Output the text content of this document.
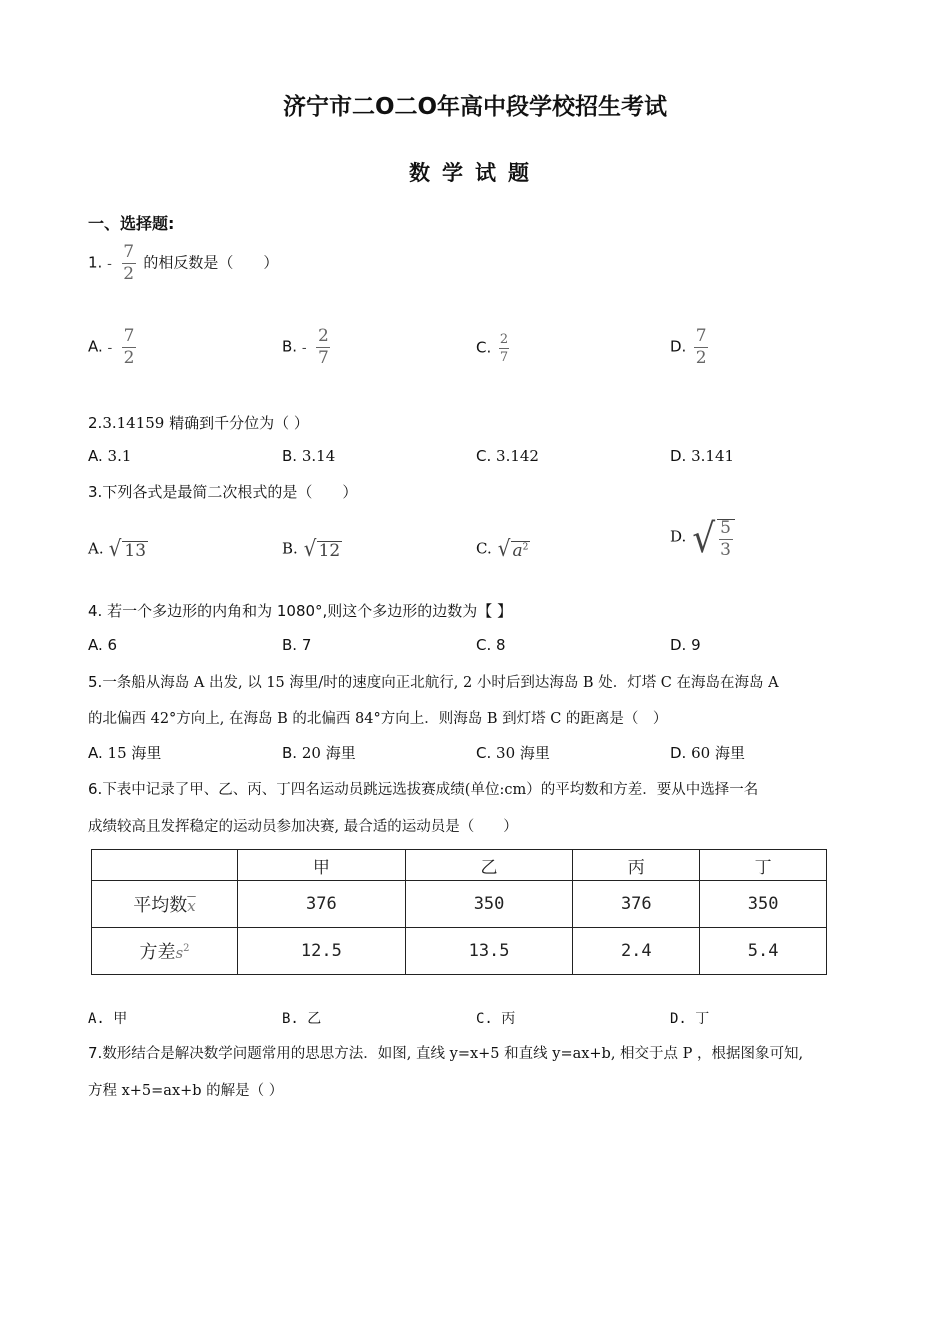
济宁市二O二O年高中段学校招生考试
数学试题
一、选择题:
1. - $\frac{7}{2}$ 的相反数是（　　）
A. - $\frac{7}{2}$	B. - $\frac{2}{7}$	C. $\frac{2}{7}$	D. $\frac{7}{2}$
2.3.14159 精确到千分位为（ ）
A. 3.1	B. 3.14	C. 3.142	D. 3.141
3.下列各式是最简二次根式的是（　　）
A. √ 13	B. √ 12	C. √ $a^2$
D. √ $\frac{5}{3}$
4. 若一个多边形的内角和为 1080°,则这个多边形的边数为【 】
A. 6	B. 7	C. 8	D. 9
5.一条船从海岛 A 出发, 以 15 海里/时的速度向正北航行, 2 小时后到达海岛 B 处．灯塔 C 在海岛在海岛 A
的北偏西 42°方向上, 在海岛 B 的北偏西 84°方向上．则海岛 B 到灯塔 C 的距离是（　）
A. 15 海里	B. 20 海里	C. 30 海里	D. 60 海里
6.下表中记录了甲、乙、丙、丁四名运动员跳远选拔赛成绩(单位:cm）的平均数和方差．要从中选择一名
成绩较高且发挥稳定的运动员参加决赛, 最合适的运动员是（　　）
	甲	乙	丙	丁
平均数$\overline{x}$	376	350	376	350
方差$s^2$	12.5	13.5	2.4	5.4
A. 甲	B. 乙	C. 丙	D. 丁
7.数形结合是解决数学问题常用的思思方法．如图, 直线 y=x+5 和直线 y=ax+b, 相交于点 P ，根据图象可知,
方程 x+5=ax+b 的解是（ ）
